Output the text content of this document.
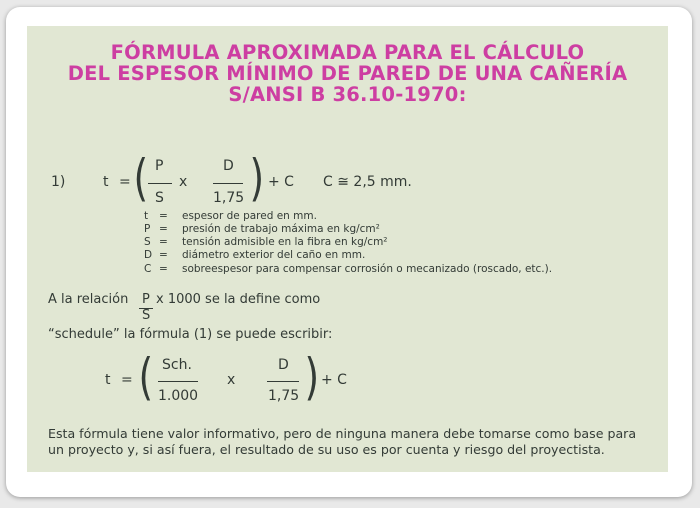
FÓRMULA APROXIMADA PARA EL CÁLCULO
DEL ESPESOR MÍNIMO DE PARED DE UNA CAÑERÍA
S/ANSI B 36.10-1970:
1)	t = ( P
S
x
D
1,75 ) + C C ≅ 2,5 mm.
t = espesor de pared en mm.
P = presión de trabajo máxima en kg/cm²
S = tensión admisible en la fibra en kg/cm²
D = diámetro exterior del caño en mm.
C = sobreespesor para compensar corrosión o mecanizado (roscado, etc.).
A la relación P
S
x 1000 se la define como
“schedule” la fórmula (1) se puede escribir:
t = ( Sch.
1.000
x
D
1,75 ) + C
Esta fórmula tiene valor informativo, pero de ninguna manera debe tomarse como base para
un proyecto y, si así fuera, el resultado de su uso es por cuenta y riesgo del proyectista.
